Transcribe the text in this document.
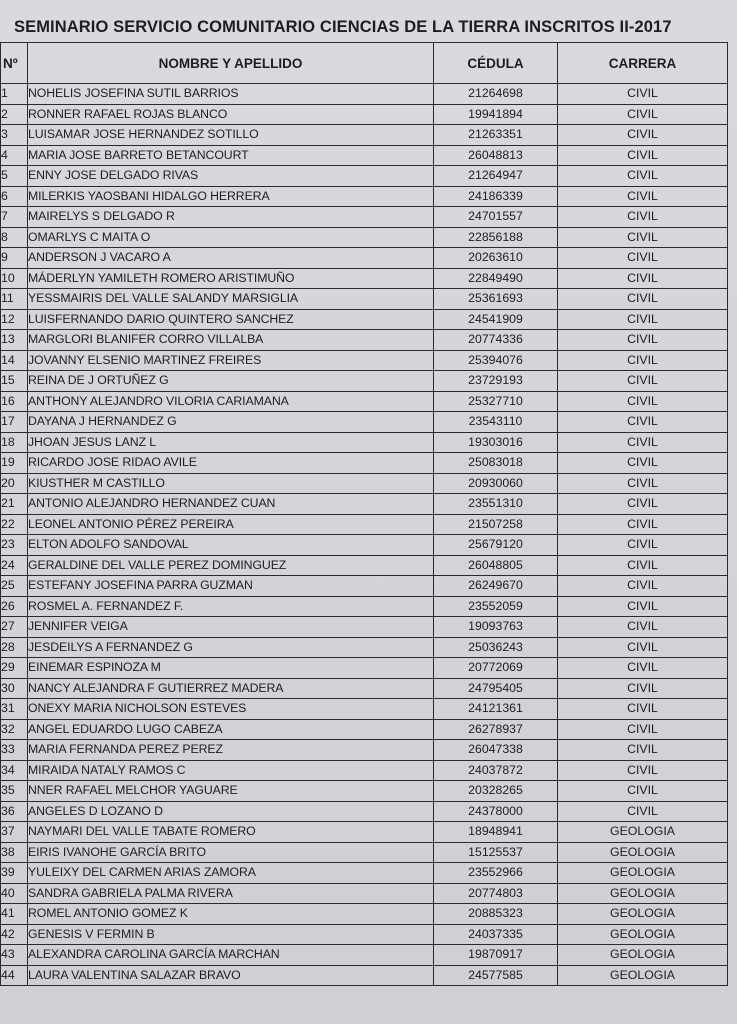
SEMINARIO SERVICIO COMUNITARIO CIENCIAS DE LA TIERRA INSCRITOS II-2017
Nº	NOMBRE Y APELLIDO	CÉDULA	CARRERA
1	NOHELIS JOSEFINA SUTIL BARRIOS	21264698	CIVIL
2	RONNER RAFAEL ROJAS BLANCO	19941894	CIVIL
3	LUISAMAR JOSE HERNANDEZ SOTILLO	21263351	CIVIL
4	MARIA JOSE BARRETO BETANCOURT	26048813	CIVIL
5	ENNY JOSE DELGADO RIVAS	21264947	CIVIL
6	MILERKIS YAOSBANI HIDALGO HERRERA	24186339	CIVIL
7	MAIRELYS S DELGADO R	24701557	CIVIL
8	OMARLYS C MAITA O	22856188	CIVIL
9	ANDERSON J VACARO A	20263610	CIVIL
10	MÁDERLYN YAMILETH ROMERO ARISTIMUÑO	22849490	CIVIL
11	YESSMAIRIS DEL VALLE SALANDY MARSIGLIA	25361693	CIVIL
12	LUISFERNANDO DARIO QUINTERO SANCHEZ	24541909	CIVIL
13	MARGLORI BLANIFER CORRO VILLALBA	20774336	CIVIL
14	JOVANNY ELSENIO MARTINEZ FREIRES	25394076	CIVIL
15	REINA DE J ORTUÑEZ G	23729193	CIVIL
16	ANTHONY ALEJANDRO VILORIA CARIAMANA	25327710	CIVIL
17	DAYANA J HERNANDEZ G	23543110	CIVIL
18	JHOAN JESUS LANZ L	19303016	CIVIL
19	RICARDO JOSE RIDAO AVILE	25083018	CIVIL
20	KIUSTHER M CASTILLO	20930060	CIVIL
21	ANTONIO ALEJANDRO HERNANDEZ CUAN	23551310	CIVIL
22	LEONEL ANTONIO PÉREZ PEREIRA	21507258	CIVIL
23	ELTON ADOLFO SANDOVAL	25679120	CIVIL
24	GERALDINE DEL VALLE PEREZ DOMINGUEZ	26048805	CIVIL
25	ESTEFANY JOSEFINA PARRA GUZMAN	26249670	CIVIL
26	ROSMEL A. FERNANDEZ F.	23552059	CIVIL
27	JENNIFER VEIGA	19093763	CIVIL
28	JESDEILYS A FERNANDEZ G	25036243	CIVIL
29	EINEMAR ESPINOZA M	20772069	CIVIL
30	NANCY ALEJANDRA F GUTIERREZ MADERA	24795405	CIVIL
31	ONEXY MARIA NICHOLSON ESTEVES	24121361	CIVIL
32	ANGEL EDUARDO LUGO CABEZA	26278937	CIVIL
33	MARIA FERNANDA PEREZ PEREZ	26047338	CIVIL
34	MIRAIDA NATALY RAMOS C	24037872	CIVIL
35	NNER RAFAEL MELCHOR YAGUARE	20328265	CIVIL
36	ANGELES D LOZANO D	24378000	CIVIL
37	NAYMARI DEL VALLE TABATE ROMERO	18948941	GEOLOGIA
38	EIRIS IVANOHE GARCÍA BRITO	15125537	GEOLOGIA
39	YULEIXY DEL CARMEN ARIAS ZAMORA	23552966	GEOLOGIA
40	SANDRA GABRIELA PALMA RIVERA	20774803	GEOLOGIA
41	ROMEL ANTONIO GOMEZ K	20885323	GEOLOGIA
42	GENESIS V FERMIN B	24037335	GEOLOGIA
43	ALEXANDRA CAROLINA GARCÍA MARCHAN	19870917	GEOLOGIA
44	LAURA VALENTINA SALAZAR BRAVO	24577585	GEOLOGIA
